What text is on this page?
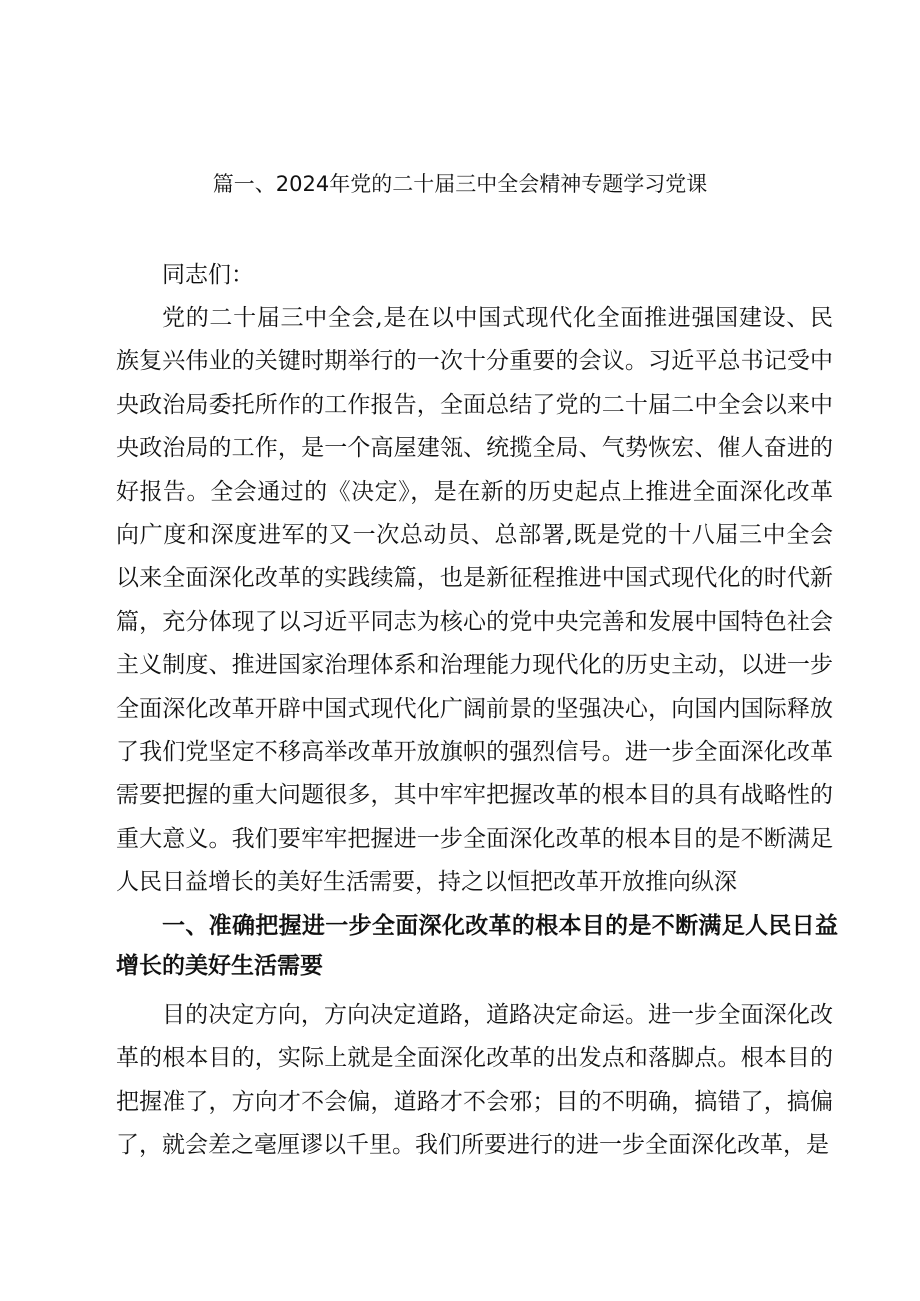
篇一、2024年党的二十届三中全会精神专题学习党课

同志们：

党的二十届三中全会,是在以中国式现代化全面推进强国建设、民族复兴伟业的关键时期举行的一次十分重要的会议。习近平总书记受中央政治局委托所作的工作报告，全面总结了党的二十届二中全会以来中央政治局的工作，是一个高屋建瓴、统揽全局、气势恢宏、催人奋进的好报告。全会通过的《决定》，是在新的历史起点上推进全面深化改革向广度和深度进军的又一次总动员、总部署,既是党的十八届三中全会以来全面深化改革的实践续篇，也是新征程推进中国式现代化的时代新篇，充分体现了以习近平同志为核心的党中央完善和发展中国特色社会主义制度、推进国家治理体系和治理能力现代化的历史主动，以进一步全面深化改革开辟中国式现代化广阔前景的坚强决心，向国内国际释放了我们党坚定不移高举改革开放旗帜的强烈信号。进一步全面深化改革需要把握的重大问题很多，其中牢牢把握改革的根本目的具有战略性的重大意义。我们要牢牢把握进一步全面深化改革的根本目的是不断满足人民日益增长的美好生活需要，持之以恒把改革开放推向纵深

一、准确把握进一步全面深化改革的根本目的是不断满足人民日益增长的美好生活需要

目的决定方向，方向决定道路，道路决定命运。进一步全面深化改革的根本目的，实际上就是全面深化改革的出发点和落脚点。根本目的把握准了，方向才不会偏，道路才不会邪；目的不明确，搞错了，搞偏了，就会差之毫厘谬以千里。我们所要进行的进一步全面深化改革，是
